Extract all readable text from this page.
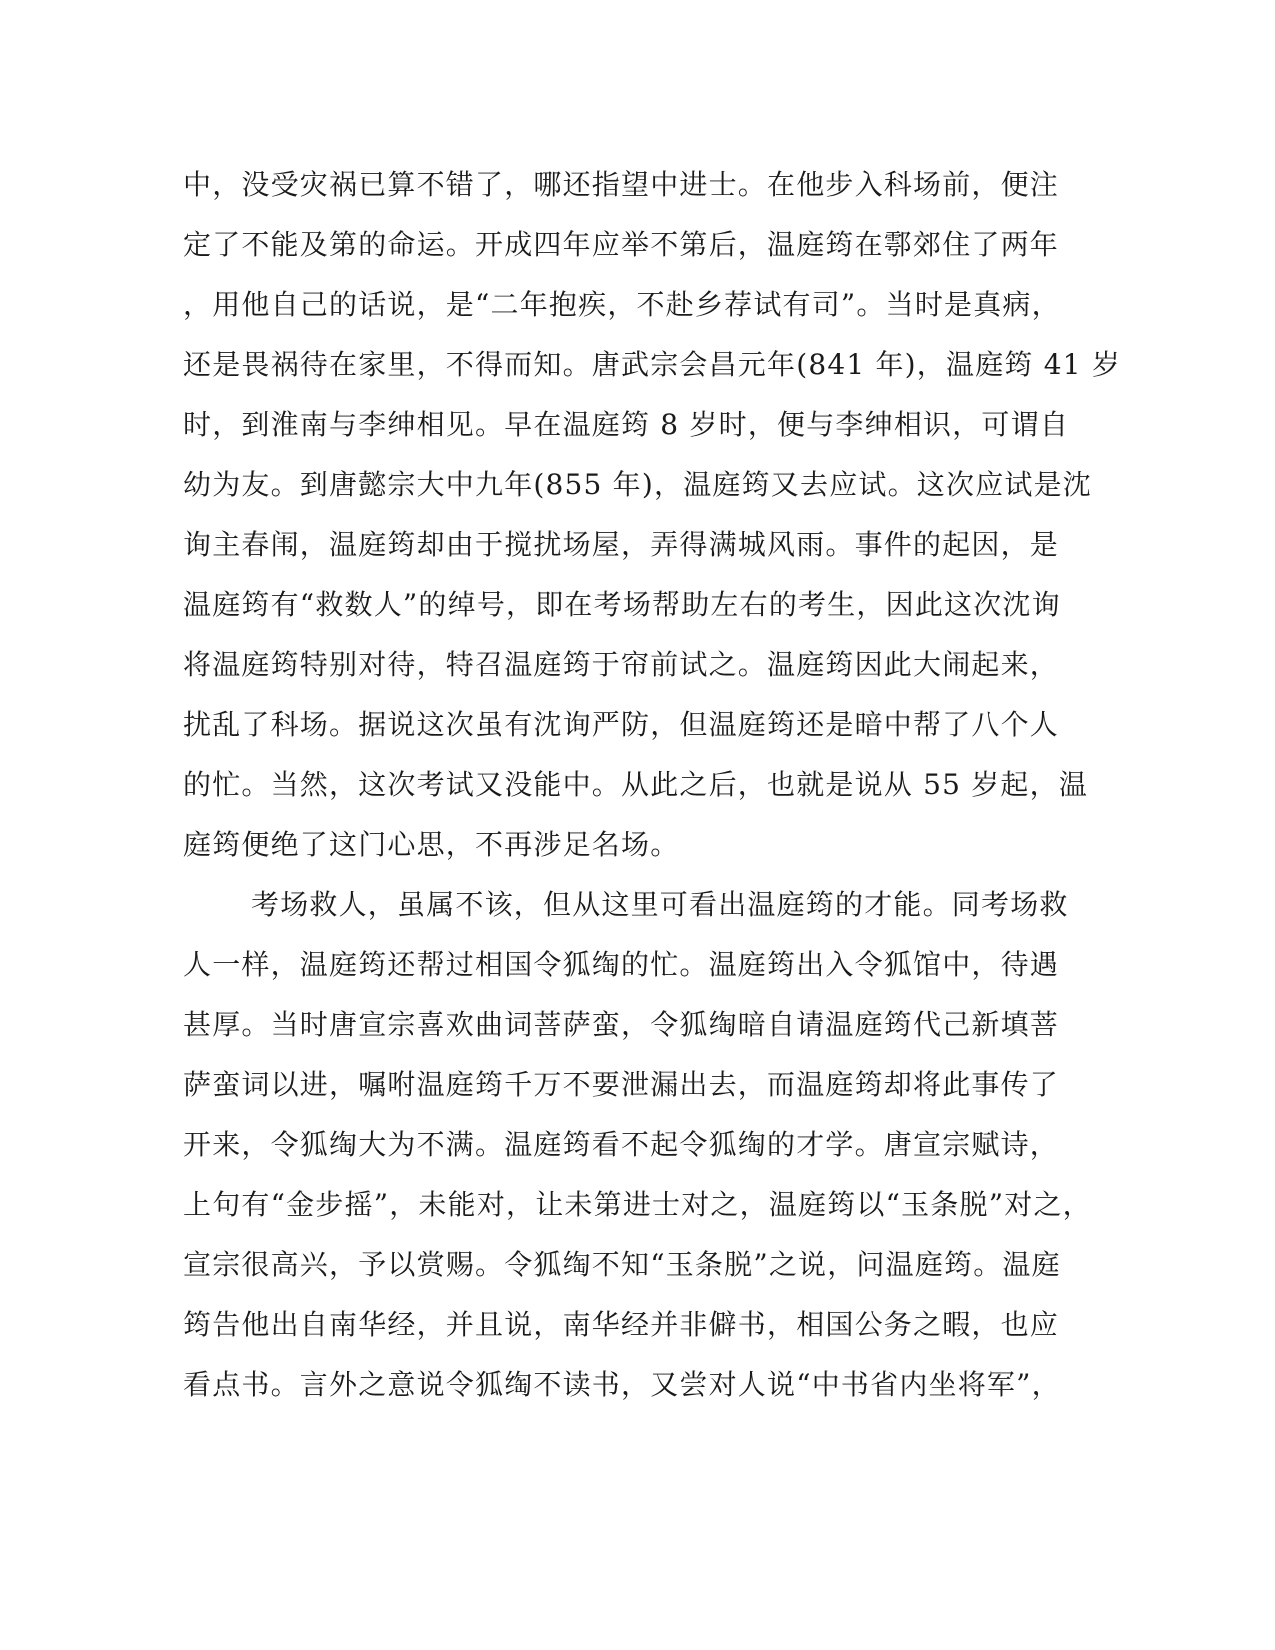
中，没受灾祸已算不错了，哪还指望中进士。在他步入科场前，便注
定了不能及第的命运。开成四年应举不第后，温庭筠在鄠郊住了两年
，用他自己的话说，是“二年抱疾，不赴乡荐试有司”。当时是真病，
还是畏祸待在家里，不得而知。唐武宗会昌元年(841 年)，温庭筠 41 岁
时，到淮南与李绅相见。早在温庭筠 8 岁时，便与李绅相识，可谓自
幼为友。到唐懿宗大中九年(855 年)，温庭筠又去应试。这次应试是沈
询主春闱，温庭筠却由于搅扰场屋，弄得满城风雨。事件的起因，是
温庭筠有“救数人”的绰号，即在考场帮助左右的考生，因此这次沈询
将温庭筠特别对待，特召温庭筠于帘前试之。温庭筠因此大闹起来，
扰乱了科场。据说这次虽有沈询严防，但温庭筠还是暗中帮了八个人
的忙。当然，这次考试又没能中。从此之后，也就是说从 55 岁起，温
庭筠便绝了这门心思，不再涉足名场。
考场救人，虽属不该，但从这里可看出温庭筠的才能。同考场救
人一样，温庭筠还帮过相国令狐绹的忙。温庭筠出入令狐馆中，待遇
甚厚。当时唐宣宗喜欢曲词菩萨蛮，令狐绹暗自请温庭筠代己新填菩
萨蛮词以进，嘱咐温庭筠千万不要泄漏出去，而温庭筠却将此事传了
开来，令狐绹大为不满。温庭筠看不起令狐绹的才学。唐宣宗赋诗，
上句有“金步摇”，未能对，让未第进士对之，温庭筠以“玉条脱”对之，
宣宗很高兴，予以赏赐。令狐绹不知“玉条脱”之说，问温庭筠。温庭
筠告他出自南华经，并且说，南华经并非僻书，相国公务之暇，也应
看点书。言外之意说令狐绹不读书，又尝对人说“中书省内坐将军”，
